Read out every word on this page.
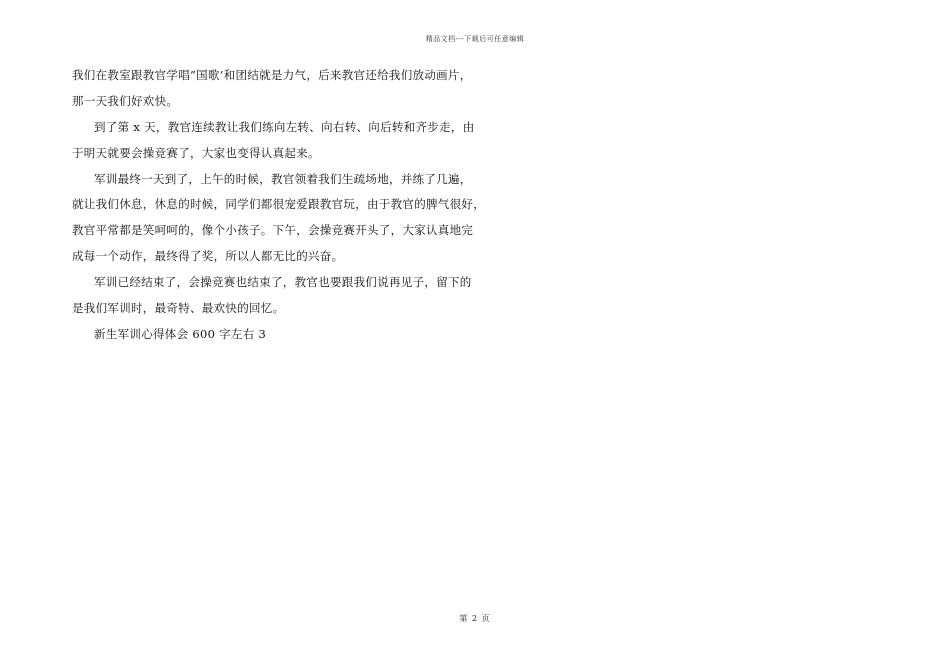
精品文档---下载后可任意编辑
我们在教室跟教官学唱”国歌’和团结就是力气，后来教官还给我们放动画片，
那一天我们好欢快。
到了第 x 天，教官连续教让我们练向左转、向右转、向后转和齐步走，由
于明天就要会操竞赛了，大家也变得认真起来。
军训最终一天到了，上午的时候，教官领着我们生疏场地，并练了几遍，
就让我们休息，休息的时候，同学们都很宠爱跟教官玩，由于教官的脾气很好，
教官平常都是笑呵呵的，像个小孩子。下午，会操竞赛开头了，大家认真地完
成每一个动作，最终得了奖，所以人都无比的兴奋。
军训已经结束了，会操竞赛也结束了，教官也要跟我们说再见子，留下的
是我们军训时，最奇特、最欢快的回忆。
新生军训心得体会 600 字左右 3
第 2 页
